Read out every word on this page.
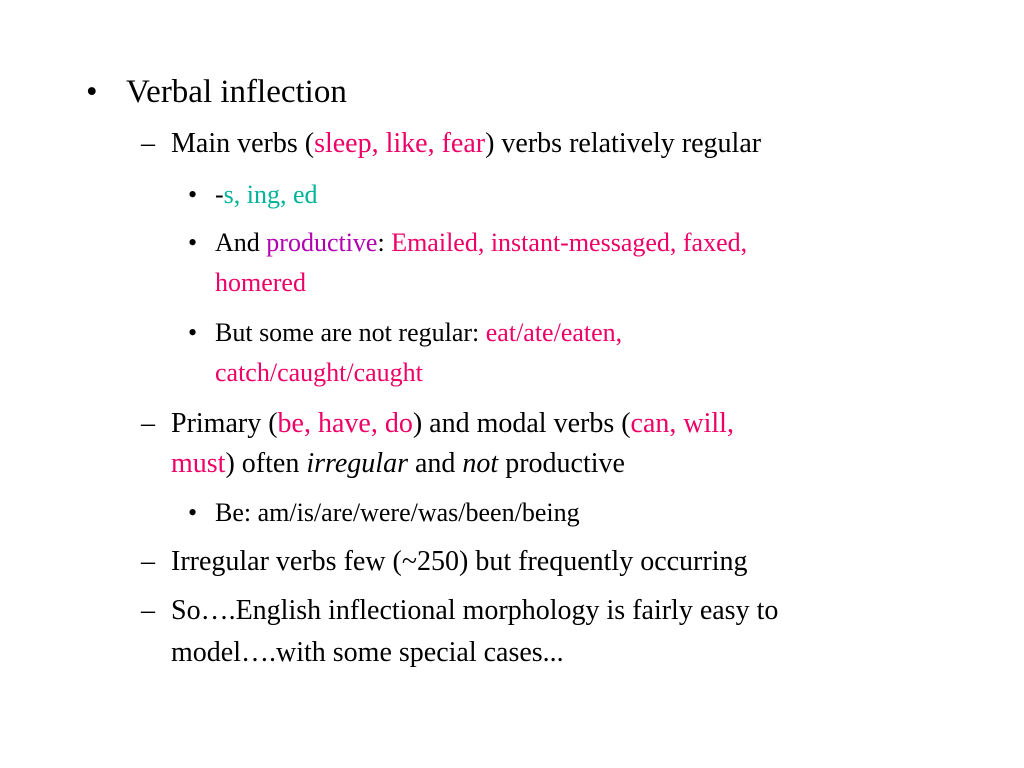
• Verbal inflection
– Main verbs (sleep, like, fear) verbs relatively regular
• -s, ing, ed
• And productive: Emailed, instant-messaged, faxed,
homered
• But some are not regular: eat/ate/eaten,
catch/caught/caught
– Primary (be, have, do) and modal verbs (can, will,
must) often irregular and not productive
• Be: am/is/are/were/was/been/being
– Irregular verbs few (~250) but frequently occurring
– So….English inflectional morphology is fairly easy to
model….with some special cases...
